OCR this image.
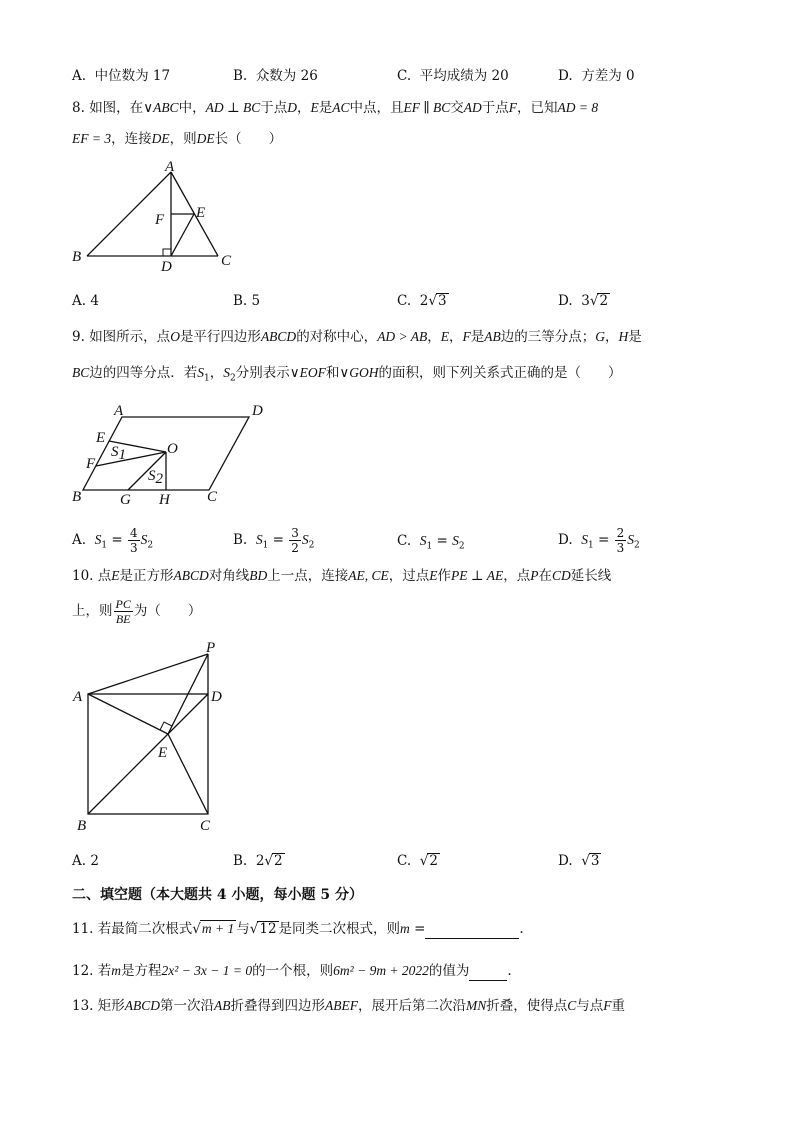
A. 中位数为 17	B. 众数为 26	C. 平均成绩为 20	D. 方差为 0
8. 如图，在∨ABC中，AD ⊥ BC于点D，E是AC中点，且EF ∥ BC交AD于点F，已知AD = 8
EF = 3，连接DE，则DE长（　　）
A
B	C
D
E
F
A. 4	B. 5	C. 2√3	D. 3√2
9. 如图所示，点O是平行四边形ABCD的对称中心，AD > AB，E，F是AB边的三等分点；G，H是
BC边的四等分点．若$S_1$，$S_2$分别表示∨EOF和∨GOH的面积，则下列关系式正确的是（　　）
A	D
E
O
F
B	G H C
S1
S2
A. $S_1 = \frac{4}{3} S_2$	B. $S_1 = \frac{3}{2} S_2$	C. $S_1 = S_2$	D. $S_1 = \frac{2}{3} S_2$
10. 点E是正方形ABCD对角线BD上一点，连接AE, CE，过点E作PE ⊥ AE，点P在CD延长线
上，则 $\frac{PC}{BE}$ 为（　　）
P
A	D
E
B	C
A. 2	B. 2√2	C. √2	D. √3
二、填空题（本大题共 4 小题，每小题 5 分）
11. 若最简二次根式√m + 1 与√12 是同类二次根式，则m =	.
12. 若m是方程2x² − 3x − 1 = 0的一个根，则6m² − 9m + 2022的值为	.
13. 矩形ABCD第一次沿AB折叠得到四边形ABEF，展开后第二次沿MN折叠，使得点C与点F重
